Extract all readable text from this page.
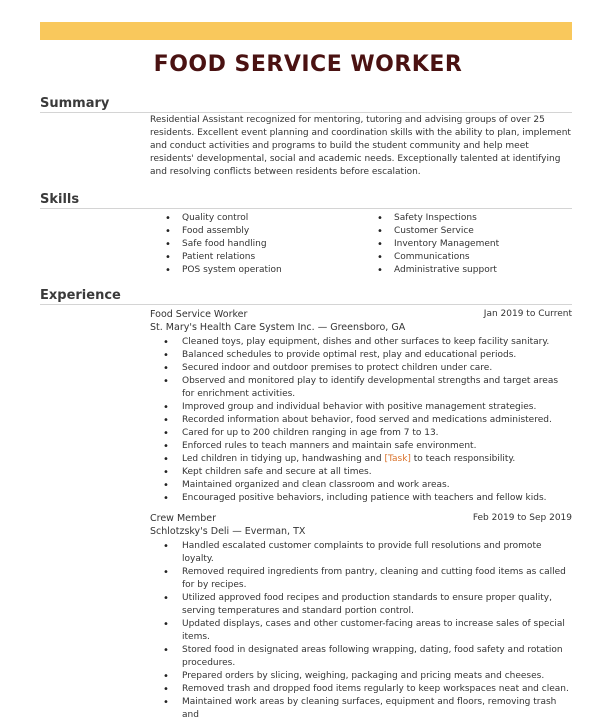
FOOD SERVICE WORKER
Summary

Residential Assistant recognized for mentoring, tutoring and advising groups of over 25 residents. Excellent event planning and coordination skills with the ability to plan, implement and conduct activities and programs to build the student community and help meet residents' developmental, social and academic needs. Exceptionally talented at identifying and resolving conflicts between residents before escalation.

Skills
• Quality control
• Food assembly
• Safe food handling
• Patient relations
• POS system operation
• Safety Inspections
• Customer Service
• Inventory Management
• Communications
• Administrative support
Experience
Food Service Worker	Jan 2019 to Current
St. Mary's Health Care System Inc. — Greensboro, GA
• Cleaned toys, play equipment, dishes and other surfaces to keep facility sanitary.
• Balanced schedules to provide optimal rest, play and educational periods.
• Secured indoor and outdoor premises to protect children under care.
• Observed and monitored play to identify developmental strengths and target areas for enrichment activities.
• Improved group and individual behavior with positive management strategies.
• Recorded information about behavior, food served and medications administered.
• Cared for up to 200 children ranging in age from 7 to 13.
• Enforced rules to teach manners and maintain safe environment.
• Led children in tidying up, handwashing and [Task] to teach responsibility.
• Kept children safe and secure at all times.
• Maintained organized and clean classroom and work areas.
• Encouraged positive behaviors, including patience with teachers and fellow kids.
Crew Member	Feb 2019 to Sep 2019
Schlotzsky's Deli — Everman, TX
• Handled escalated customer complaints to provide full resolutions and promote loyalty.
• Removed required ingredients from pantry, cleaning and cutting food items as called for by recipes.
• Utilized approved food recipes and production standards to ensure proper quality, serving temperatures and standard portion control.
• Updated displays, cases and other customer-facing areas to increase sales of special items.
• Stored food in designated areas following wrapping, dating, food safety and rotation procedures.
• Prepared orders by slicing, weighing, packaging and pricing meats and cheeses.
• Removed trash and dropped food items regularly to keep workspaces neat and clean.
• Maintained work areas by cleaning surfaces, equipment and floors, removing trash and
